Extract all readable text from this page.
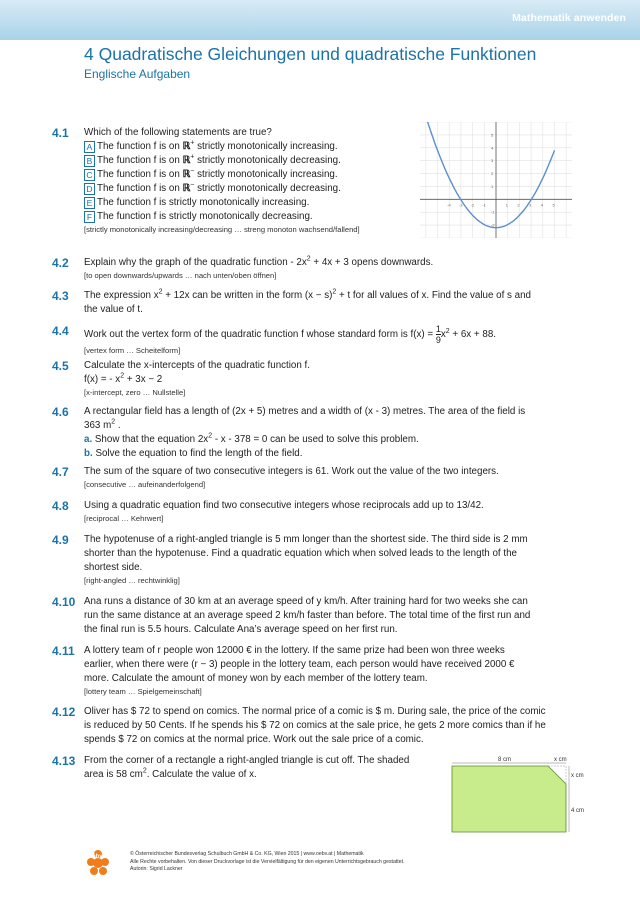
Mathematik anwenden
4 Quadratische Gleichungen und quadratische Funktionen
Englische Aufgaben
4.1 Which of the following statements are true?
A The function f is on ℝ+ strictly monotonically increasing.
B The function f is on ℝ+ strictly monotonically decreasing.
C The function f is on ℝ− strictly monotonically increasing.
D The function f is on ℝ− strictly monotonically decreasing.
E The function f is strictly monotonically increasing.
F The function f is strictly monotonically decreasing.
[strictly monotonically increasing/decreasing … streng monoton wachsend/fallend]
-4 -3 -2 -1	1 2 3 4 5
5
4
3
2
1
-1
-2
4.2 Explain why the graph of the quadratic function - $2x^2 + 4x + 3$ opens downwards.
[to open downwards/upwards … nach unten/oben öffnen]
4.3 The expression $x^2 + 12x$ can be written in the form $(x - s)^2 + t$ for all values of x. Find the value of s and
the value of t.
4.4 Work out the vertex form of the quadratic function f whose standard form is $f(x) = \frac{1}{9} x^2 + 6x + 88$.
[vertex form … Scheitelform]
4.5 Calculate the x-intercepts of the quadratic function f.
f(x) = - $x^2 + 3x - 2$
[x-intercept, zero … Nullstelle]
4.6 A rectangular field has a length of (2x + 5) metres and a width of (x - 3) metres. The area of the field is
363 $m^2$ .
a. Show that the equation $2x^2 - x - 378 = 0$ can be used to solve this problem.
b. Solve the equation to find the length of the field.
4.7 The sum of the square of two consecutive integers is 61. Work out the value of the two integers.
[consecutive … aufeinanderfolgend]
4.8 Using a quadratic equation find two consecutive integers whose reciprocals add up to 13/42.
[reciprocal … Kehrwert]
4.9 The hypotenuse of a right-angled triangle is 5 mm longer than the shortest side. The third side is 2 mm
shorter than the hypotenuse. Find a quadratic equation which when solved leads to the length of the
shortest side.
[right-angled … rechtwinklig]
4.10 Ana runs a distance of 30 km at an average speed of y km/h. After training hard for two weeks she can
run the same distance at an average speed 2 km/h faster than before. The total time of the first run and
the final run is 5.5 hours. Calculate Ana’s average speed on her first run.
4.11 A lottery team of r people won 12000 € in the lottery. If the same prize had been won three weeks
earlier, when there were (r − 3) people in the lottery team, each person would have received 2000 €
more. Calculate the amount of money won by each member of the lottery team.
[lottery team … Spielgemeinschaft]
4.12 Oliver has $ 72 to spend on comics. The normal price of a comic is $ m. During sale, the price of the comic
is reduced by 50 Cents. If he spends his $ 72 on comics at the sale price, he gets 2 more comics than if he
spends $ 72 on comics at the normal price. Work out the sale price of a comic.
4.13 From the corner of a rectangle a right-angled triangle is cut off. The shaded
area is 58 $cm^2$. Calculate the value of x.
8 cm	x cm
x cm
4 cm
öbv	© Österreichischer Bundesverlag Schulbuch GmbH & Co. KG, Wien 2015 | www.oebv.at | Mathematik
Alle Rechte vorbehalten. Von dieser Druckvorlage ist die Vervielfältigung für den eigenen Unterrichtsgebrauch gestattet.
Autorin: Sigrid Lackner
